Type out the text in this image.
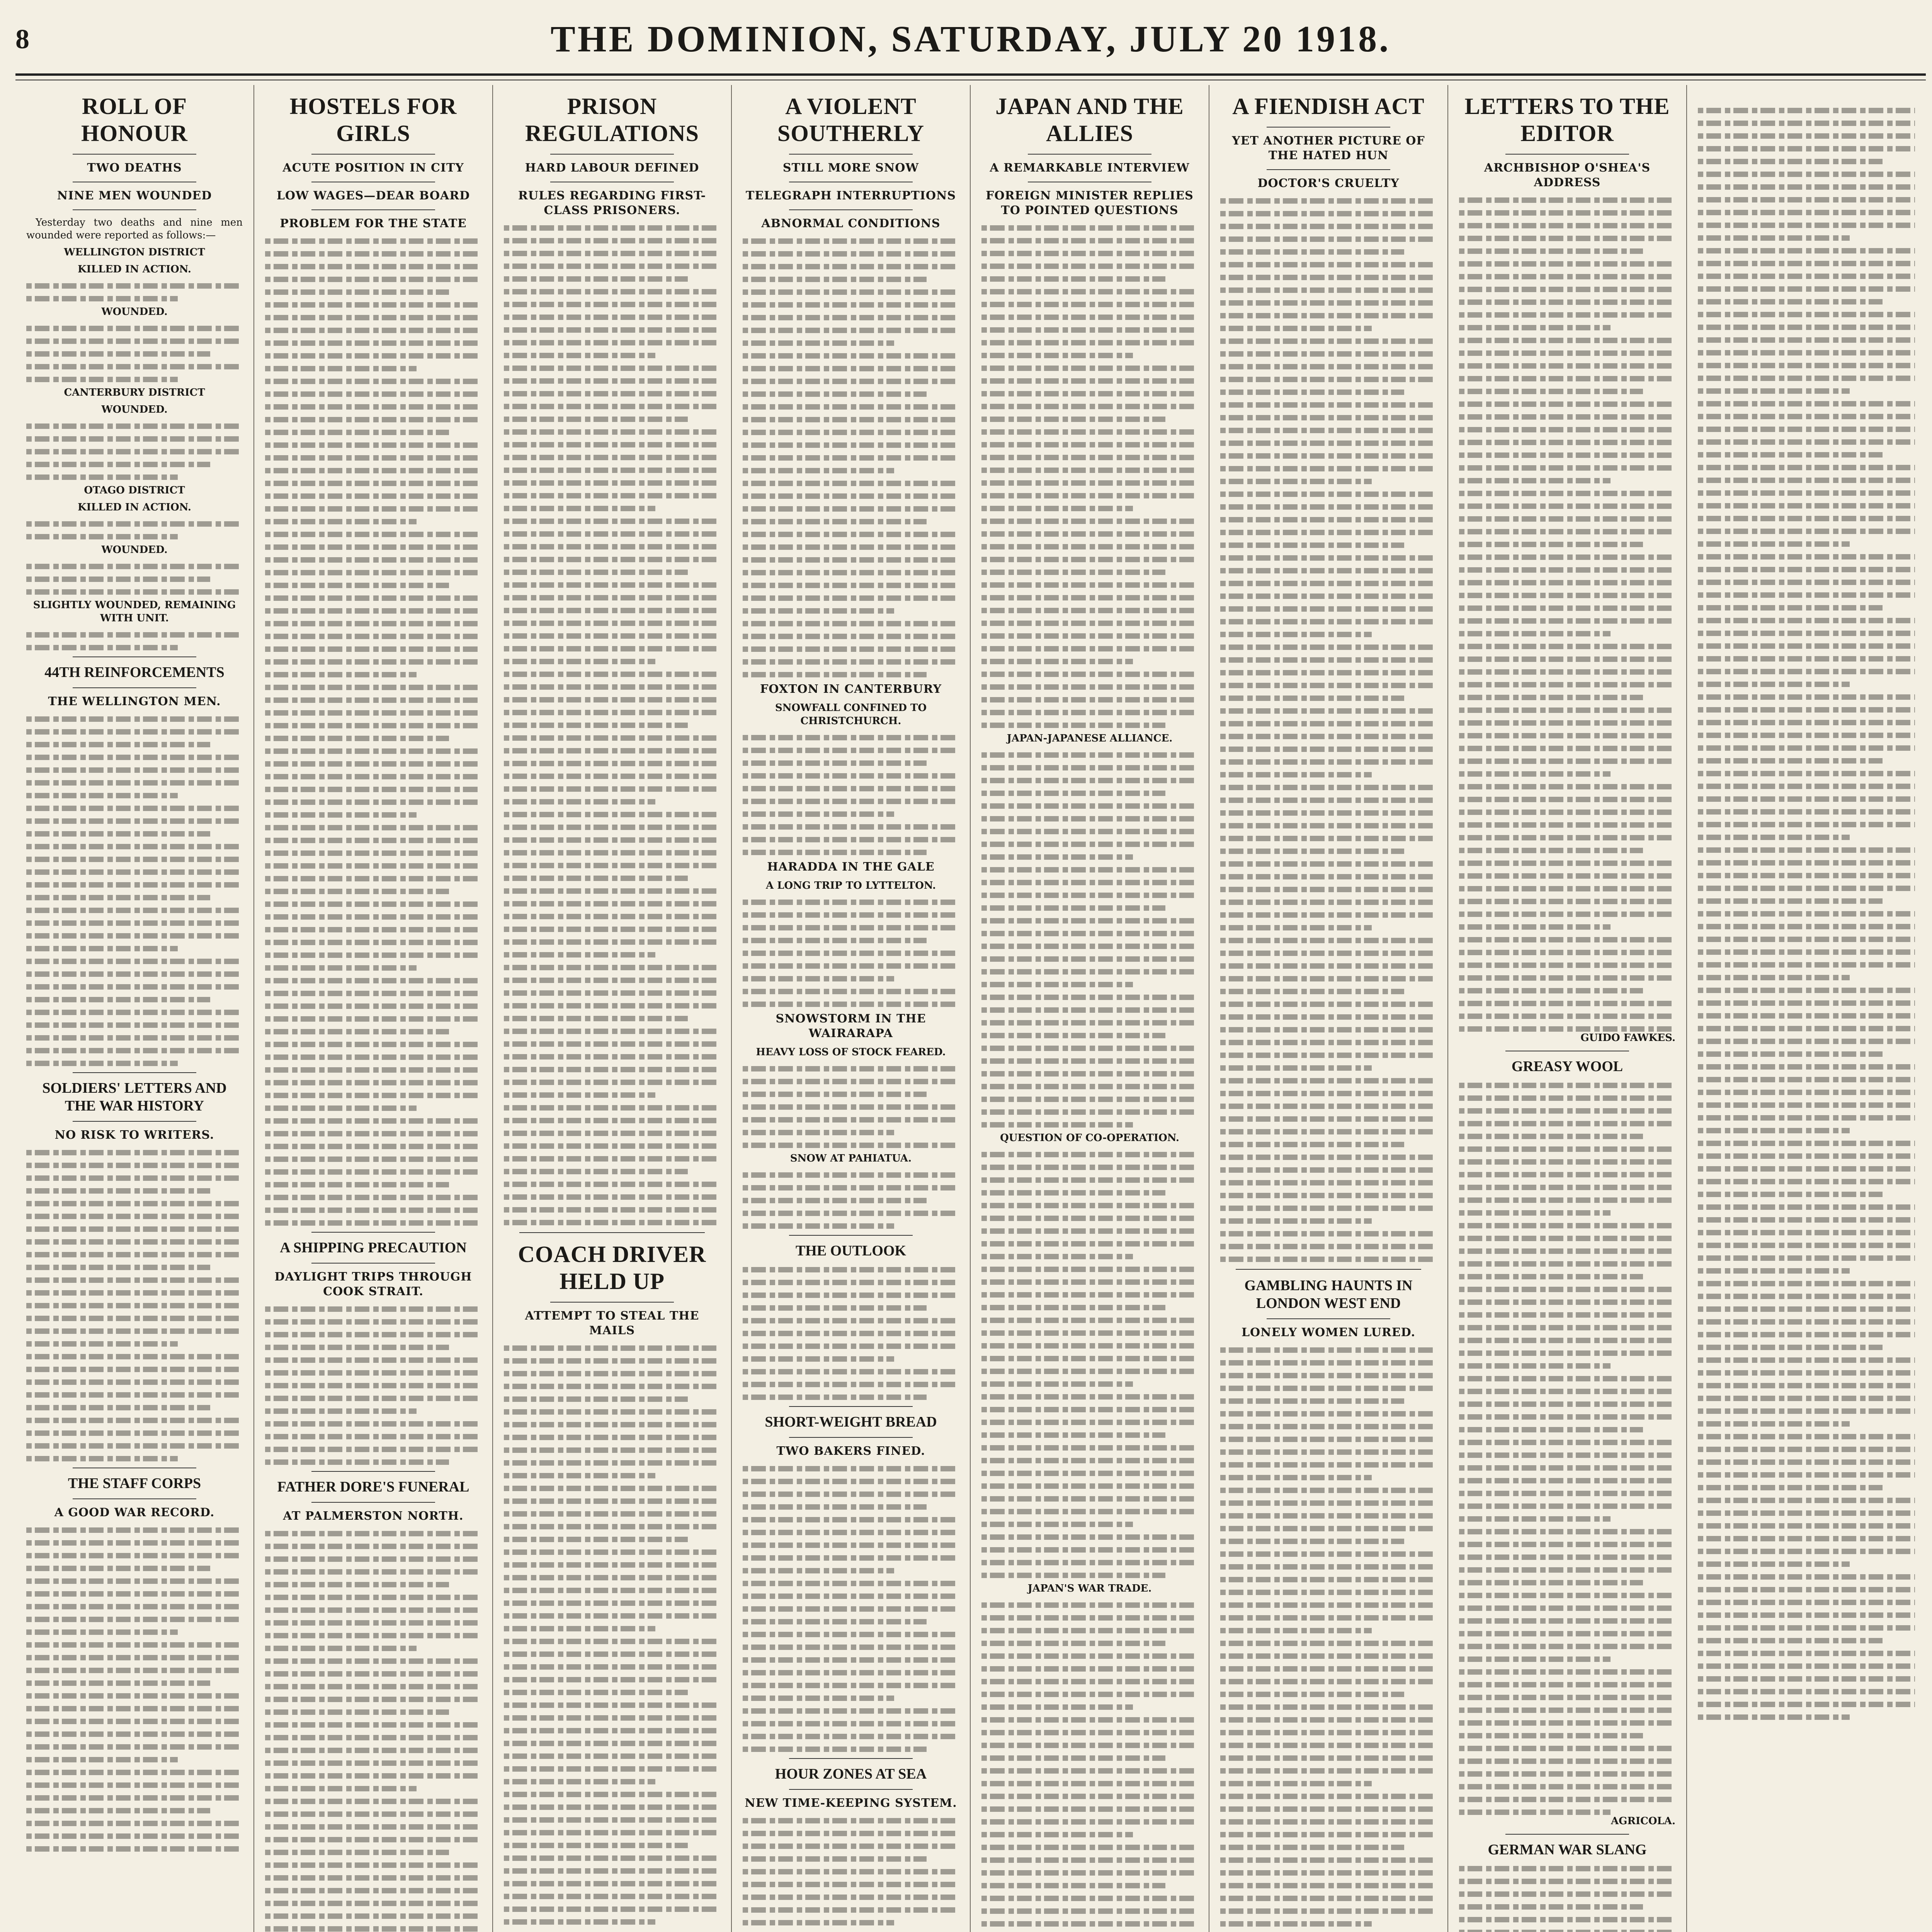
8	THE DOMINION, SATURDAY, JULY 20 1918.
ROLL OF HONOUR
TWO DEATHS
NINE MEN WOUNDED

Yesterday two deaths and nine men wounded were reported as follows:—

WELLINGTON DISTRICT
KILLED IN ACTION.
WOUNDED.
CANTERBURY DISTRICT
WOUNDED.
OTAGO DISTRICT
KILLED IN ACTION.
WOUNDED.
SLIGHTLY WOUNDED, REMAINING WITH UNIT.
44TH REINFORCEMENTS
THE WELLINGTON MEN.
SOLDIERS' LETTERS AND THE WAR HISTORY
NO RISK TO WRITERS.
THE STAFF CORPS
A GOOD WAR RECORD.
HOSTELS FOR GIRLS
ACUTE POSITION IN CITY
LOW WAGES—DEAR BOARD
PROBLEM FOR THE STATE
A SHIPPING PRECAUTION
DAYLIGHT TRIPS THROUGH COOK STRAIT.
FATHER DORE'S FUNERAL
AT PALMERSTON NORTH.
PRISON REGULATIONS
HARD LABOUR DEFINED
RULES REGARDING FIRST-CLASS PRISONERS.
COACH DRIVER HELD UP
ATTEMPT TO STEAL THE MAILS
A VIOLENT SOUTHERLY
STILL MORE SNOW
TELEGRAPH INTERRUPTIONS
ABNORMAL CONDITIONS
FOXTON IN CANTERBURY
SNOWFALL CONFINED TO CHRISTCHURCH.
HARADDA IN THE GALE
A LONG TRIP TO LYTTELTON.
SNOWSTORM IN THE WAIRARAPA
HEAVY LOSS OF STOCK FEARED.
SNOW AT PAHIATUA.
THE OUTLOOK
SHORT-WEIGHT BREAD
TWO BAKERS FINED.
HOUR ZONES AT SEA
NEW TIME-KEEPING SYSTEM.
JAPAN AND THE ALLIES
A REMARKABLE INTERVIEW
FOREIGN MINISTER REPLIES TO POINTED QUESTIONS
JAPAN-JAPANESE ALLIANCE.
QUESTION OF CO-OPERATION.
JAPAN'S WAR TRADE.
A FIENDISH ACT
YET ANOTHER PICTURE OF THE HATED HUN
DOCTOR'S CRUELTY
GAMBLING HAUNTS IN LONDON WEST END
LONELY WOMEN LURED.
LETTERS TO THE EDITOR
ARCHBISHOP O'SHEA'S ADDRESS

GUIDO FAWKES.

GREASY WOOL

AGRICOLA.

GERMAN WAR SLANG
